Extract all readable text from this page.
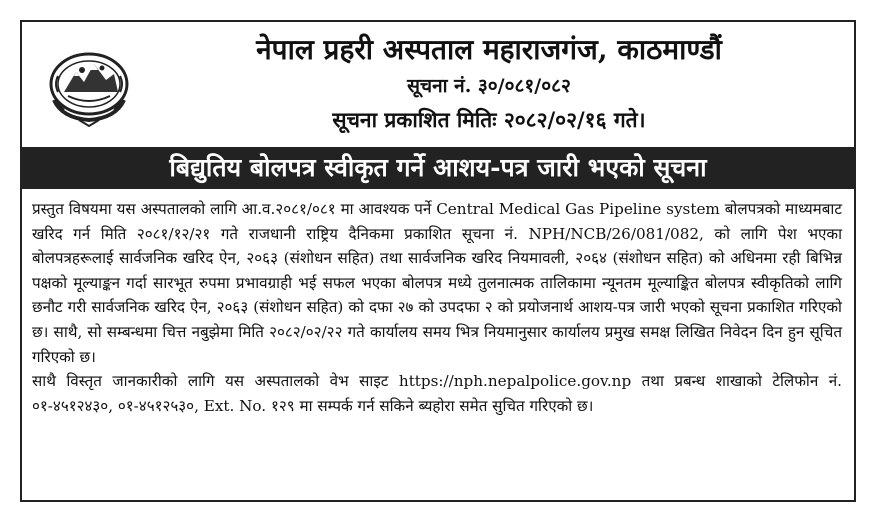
नेपाल प्रहरी अस्पताल महाराजगंज, काठमाण्डौं
सूचना नं. ३०/०८१/०८२
सूचना प्रकाशित मितिः २०८२/०२/१६ गते।
बिद्युतिय बोलपत्र स्वीकृत गर्ने आशय-पत्र जारी भएको सूचना

प्रस्तुत विषयमा यस अस्पतालको लागि आ.व.२०८१/०८१ मा आवश्यक पर्ने Central Medical Gas Pipeline system बोलपत्रको माध्यमबाट खरिद गर्न मिति २०८१/१२/२१ गते राजधानी राष्ट्रिय दैनिकमा प्रकाशित सूचना नं. NPH/NCB/26/081/082, को लागि पेश भएका बोलपत्रहरूलाई सार्वजनिक खरिद ऐन, २०६३ (संशोधन सहित) तथा सार्वजनिक खरिद नियमावली, २०६४ (संशोधन सहित) को अधिनमा रही बिभिन्न पक्षको मूल्याङ्कन गर्दा सारभूत रुपमा प्रभावग्राही भई सफल भएका बोलपत्र मध्ये तुलनात्मक तालिकामा न्यूनतम मूल्याङ्कित बोलपत्र स्वीकृतिको लागि छनौट गरी सार्वजनिक खरिद ऐन, २०६३ (संशोधन सहित) को दफा २७ को उपदफा २ को प्रयोजनार्थ आशय-पत्र जारी भएको सूचना प्रकाशित गरिएको छ। साथै, सो सम्बन्धमा चित्त नबुझेमा मिति २०८२/०२/२२ गते कार्यालय समय भित्र नियमानुसार कार्यालय प्रमुख समक्ष लिखित निवेदन दिन हुन सूचित गरिएको छ।

साथै विस्तृत जानकारीको लागि यस अस्पतालको वेभ साइट https://nph.nepalpolice.gov.np तथा प्रबन्ध शाखाको टेलिफोन नं. ०१-४५१२४३०, ०१-४५१२५३०, Ext. No. १२९ मा सम्पर्क गर्न सकिने ब्यहोरा समेत सुचित गरिएको छ।
